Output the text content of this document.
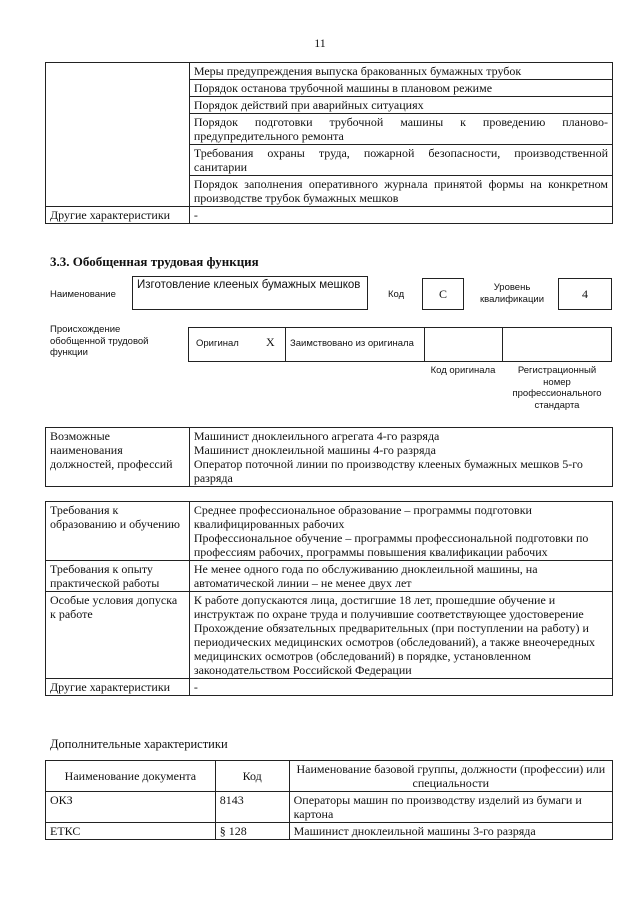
11
	Меры предупреждения выпуска бракованных бумажных трубок
	Порядок останова трубочной машины в плановом режиме
	Порядок действий при аварийных ситуациях
	Порядок подготовки трубочной машины к проведению планово-предупредительного ремонта
	Требования охраны труда, пожарной безопасности, производственной санитарии
	Порядок заполнения оперативного журнала принятой формы на конкретном производстве трубок бумажных мешков
Другие характеристики	-
3.3. Обобщенная трудовая функция
Наименование
Изготовление клееных бумажных мешков
Код	C	Уровень квалификации	4
Происхождение обобщенной трудовой функции
Оригинал X Заимствовано из оригинала
Код оригинала	Регистрационный номер профессионального стандарта
Возможные наименования должностей, профессий	
Машинист дноклеильного агрегата 4-го разряда
Машинист дноклеильной машины 4-го разряда
Оператор поточной линии по производству клееных бумажных мешков 5-го разряда
Требования к образованию и обучению	Среднее профессиональное образование – программы подготовки квалифицированных рабочих
Профессиональное обучение – программы профессиональной подготовки по профессиям рабочих, программы повышения квалификации рабочих

Требования к опыту практической работы	Не менее одного года по обслуживанию дноклеильной машины, на автоматической линии – не менее двух лет
Особые условия допуска к работе	К работе допускаются лица, достигшие 18 лет, прошедшие обучение и инструктаж по охране труда и получившие соответствующее удостоверение
Прохождение обязательных предварительных (при поступлении на работу) и периодических медицинских осмотров (обследований), а также внеочередных медицинских осмотров (обследований) в порядке, установленном законодательством Российской Федерации

Другие характеристики	-
Дополнительные характеристики
Наименование документа	Код	Наименование базовой группы, должности (профессии) или специальности
ОКЗ	8143	Операторы машин по производству изделий из бумаги и картона
ЕТКС	§ 128	Машинист дноклеильной машины 3-го разряда
